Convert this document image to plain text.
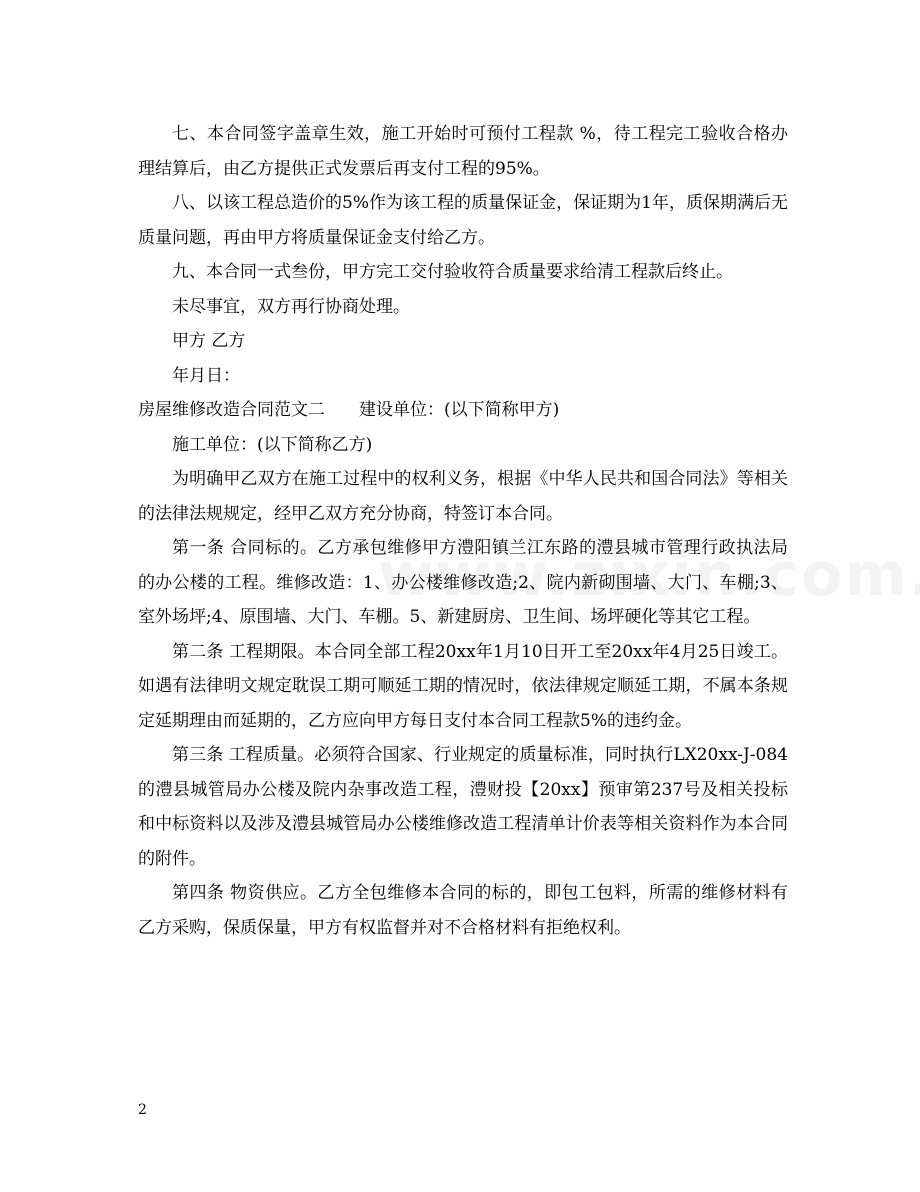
七、本合同签字盖章生效，施工开始时可预付工程款 %，待工程完工验收合格办理结算后，由乙方提供正式发票后再支付工程的95%。

八、以该工程总造价的5%作为该工程的质量保证金，保证期为1年，质保期满后无质量问题，再由甲方将质量保证金支付给乙方。

九、本合同一式叁份，甲方完工交付验收符合质量要求给清工程款后终止。

未尽事宜，双方再行协商处理。

甲方 乙方

年月日：

房屋维修改造合同范文二　　建设单位：(以下简称甲方)

施工单位：(以下简称乙方)

为明确甲乙双方在施工过程中的权利义务，根据《中华人民共和国合同法》等相关的法律法规规定，经甲乙双方充分协商，特签订本合同。

第一条 合同标的。乙方承包维修甲方澧阳镇兰江东路的澧县城市管理行政执法局的办公楼的工程。维修改造：1、办公楼维修改造;2、院内新砌围墙、大门、车棚;3、室外场坪;4、原围墙、大门、车棚。5、新建厨房、卫生间、场坪硬化等其它工程。

第二条 工程期限。本合同全部工程20xx年1月10日开工至20xx年4月25日竣工。如遇有法律明文规定耽误工期可顺延工期的情况时，依法律规定顺延工期，不属本条规定延期理由而延期的，乙方应向甲方每日支付本合同工程款5%的违约金。

第三条 工程质量。必须符合国家、行业规定的质量标准，同时执行LX20xx-J-084的澧县城管局办公楼及院内杂事改造工程，澧财投【20xx】预审第237号及相关投标和中标资料以及涉及澧县城管局办公楼维修改造工程清单计价表等相关资料作为本合同的附件。

第四条 物资供应。乙方全包维修本合同的标的，即包工包料，所需的维修材料有乙方采购，保质保量，甲方有权监督并对不合格材料有拒绝权利。

2
